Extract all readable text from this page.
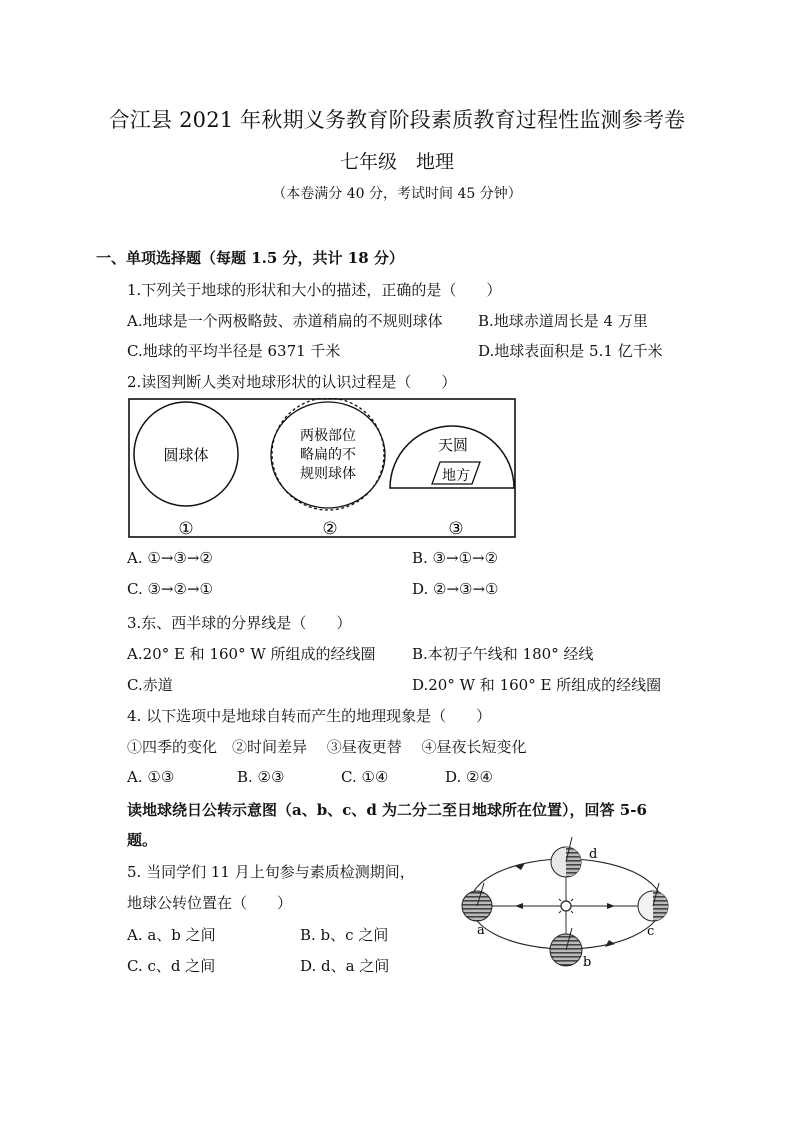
合江县 2021 年秋期义务教育阶段素质教育过程性监测参考卷
七年级　地理
（本卷满分 40 分，考试时间 45 分钟）
一、单项选择题（每题 1.5 分，共计 18 分）
1.下列关于地球的形状和大小的描述，正确的是（　　）
A.地球是一个两极略鼓、赤道稍扁的不规则球体 B.地球赤道周长是 4 万里
C.地球的平均半径是 6371 千米	D.地球表面积是 5.1 亿千米
2.读图判断人类对地球形状的认识过程是（　　）
圆球体
两极部位
略扁的不
规则球体
天圆
地方
①	②	③
A. ①→③→②	B. ③→①→②
C. ③→②→①	D. ②→③→①
3.东、西半球的分界线是（　　）
A.20° E 和 160° W 所组成的经线圈 B.本初子午线和 180° 经线
C.赤道	D.20° W 和 160° E 所组成的经线圈
4. 以下选项中是地球自转而产生的地理现象是（　　）
①四季的变化　②时间差异　 ③昼夜更替　 ④昼夜长短变化
A. ①③	B. ②③	C. ①④	D. ②④
读地球绕日公转示意图（a、b、c、d 为二分二至日地球所在位置），回答 5-6
题。
5. 当同学们 11 月上旬参与素质检测期间，
地球公转位置在（　　）
A. a、b 之间	B. b、c 之间
C. c、d 之间	D. d、a 之间
d
a
b
c
